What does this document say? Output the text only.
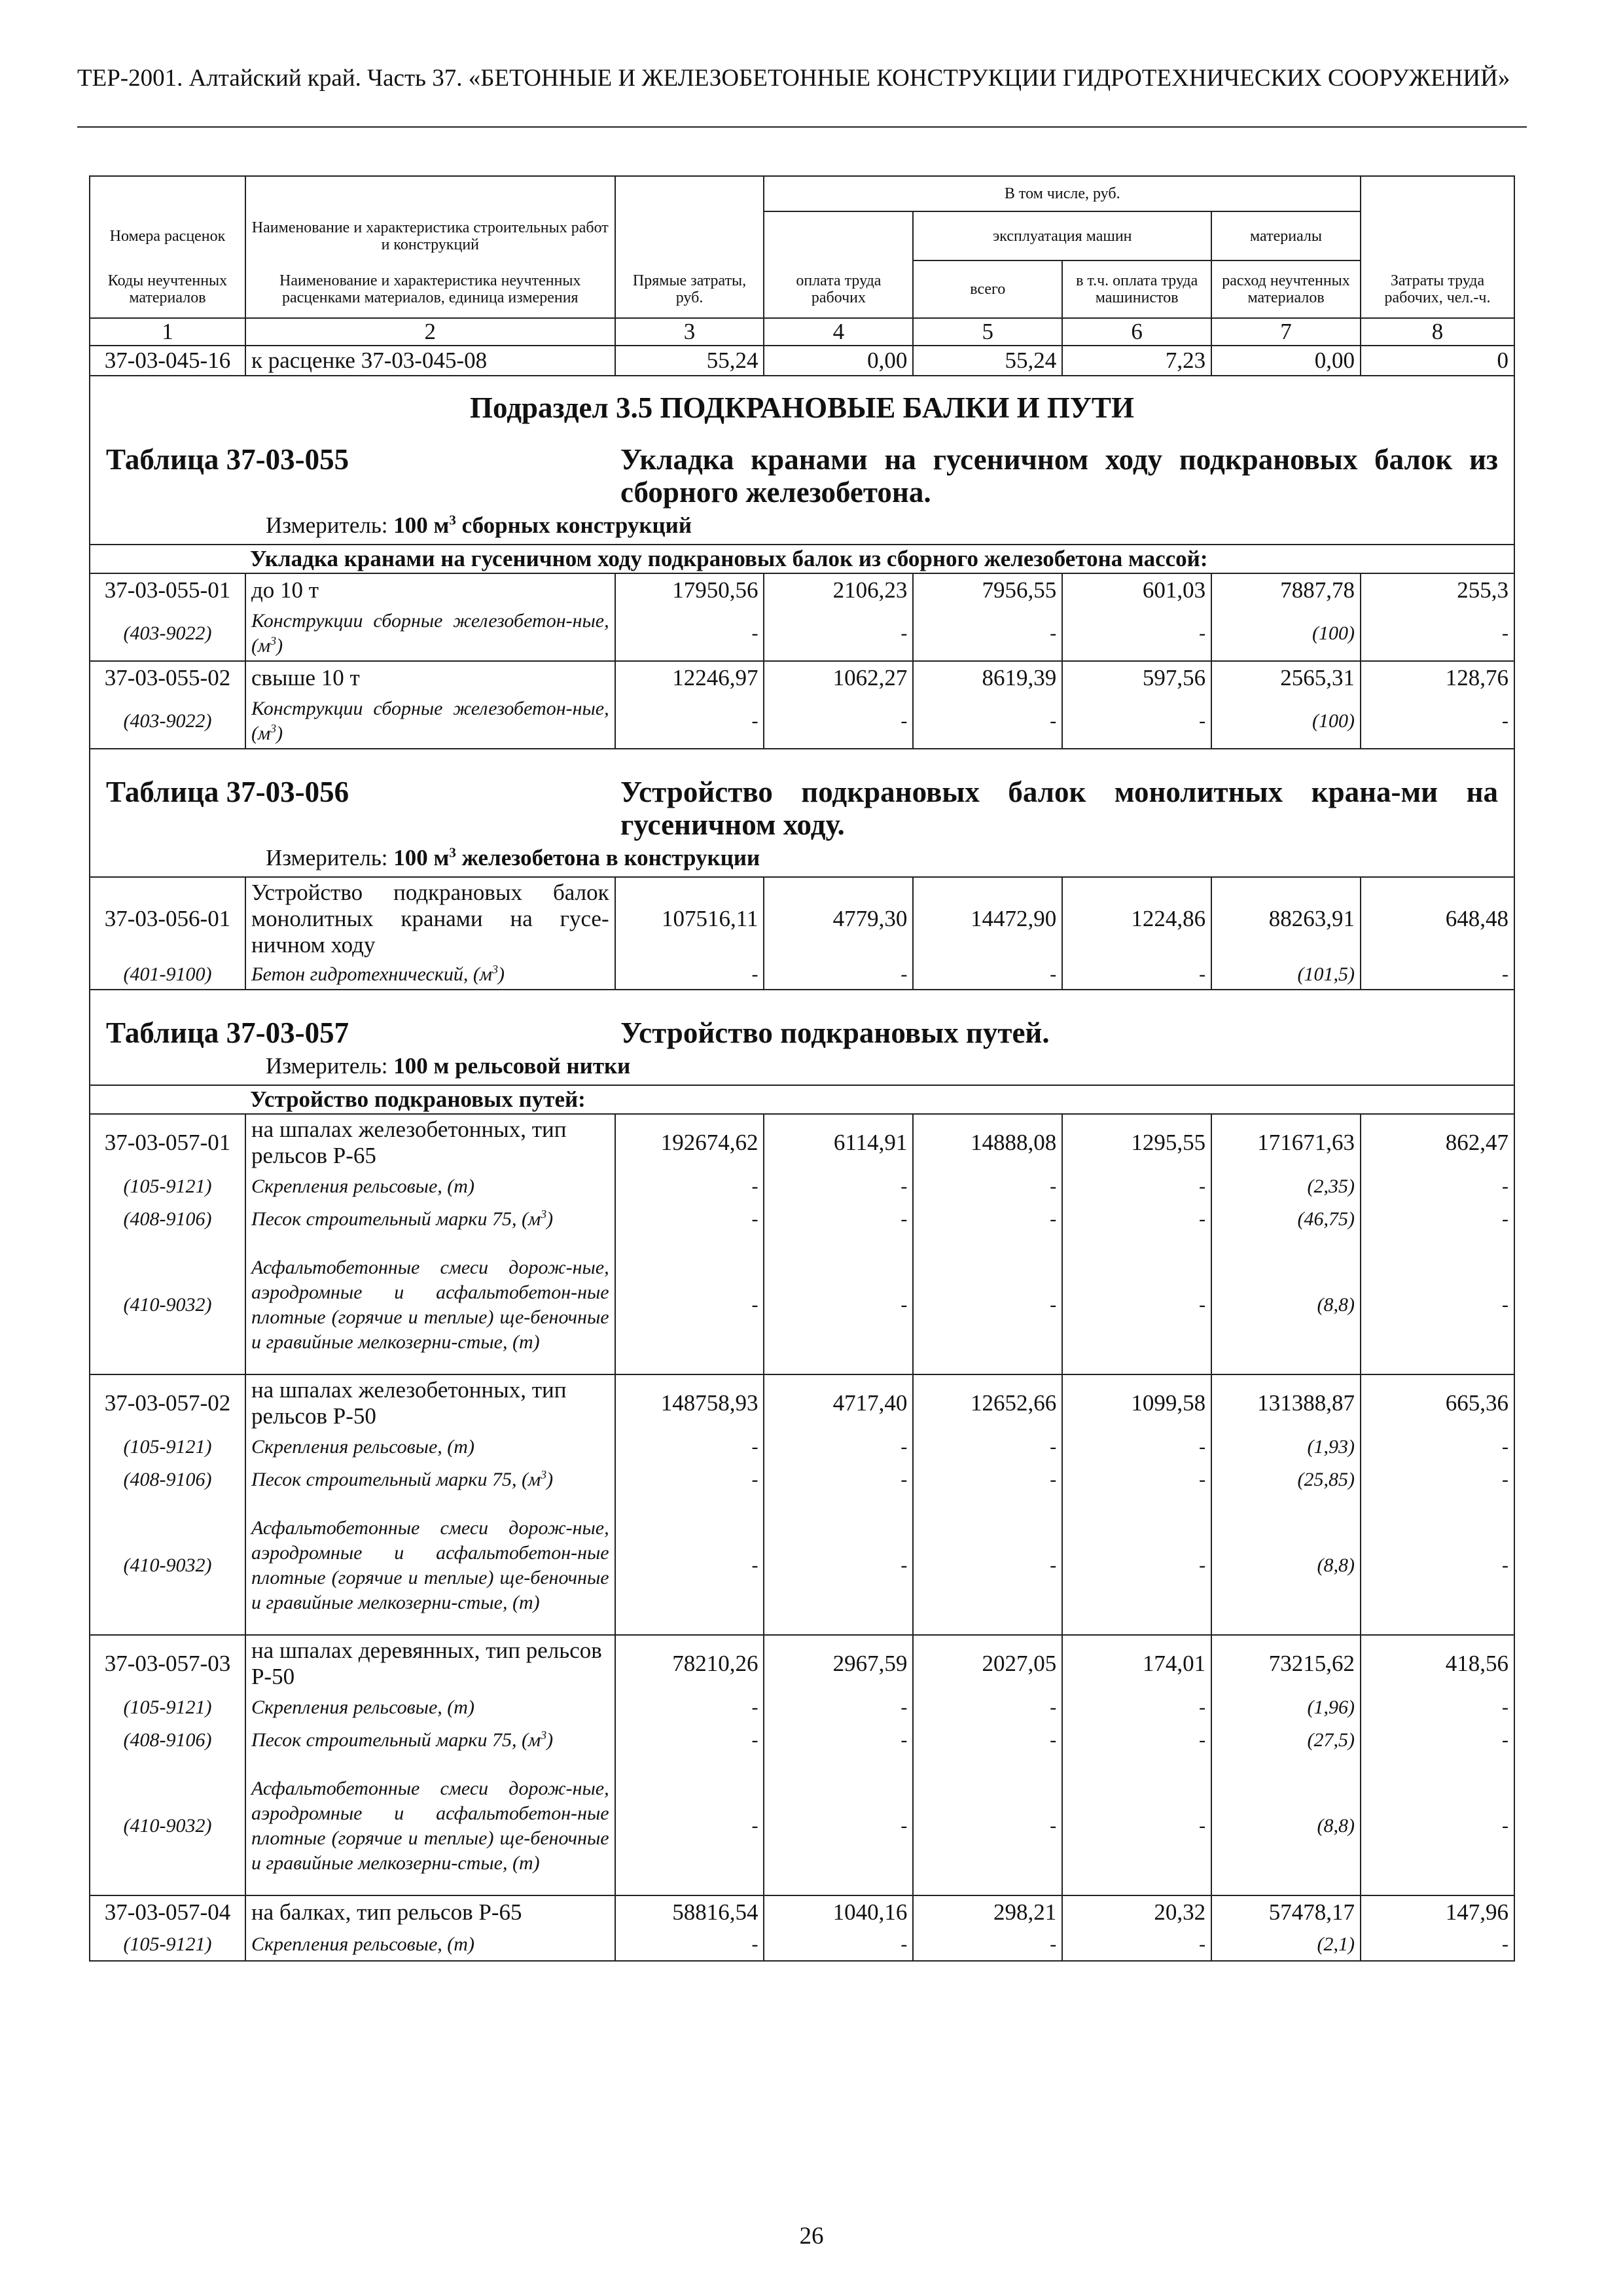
ТЕР-2001. Алтайский край. Часть 37. «БЕТОННЫЕ И ЖЕЛЕЗОБЕТОННЫЕ КОНСТРУКЦИИ ГИДРОТЕХНИЧЕСКИХ СООРУЖЕНИЙ»
			В том числе, руб.				
Номера расценок	Наименование и характеристика строительных работ и конструкций			эксплуатация машин		материалы	
Коды неучтенных материалов	Наименование и характеристика неучтенных расценками материалов, единица измерения	Прямые затраты, руб.	оплата труда рабочих	всего	в т.ч. оплата труда машинистов	расход неучтенных материалов	Затраты труда рабочих, чел.-ч.
1	2	3	4	5	6	7	8
37-03-045-16	к расценке 37-03-045-08	55,24	0,00	55,24	7,23	0,00	0

Подраздел 3.5 ПОДКРАНОВЫЕ БАЛКИ И ПУТИ
Таблица 37-03-055 Укладка кранами на гусеничном ходу подкрановых балок из сборного железобетона.
Измеритель: 100 $м^3$ сборных конструкций							

Укладка кранами на гусеничном ходу подкрановых балок из сборного железобетона массой:							
37-03-055-01	до 10 т	17950,56	2106,23	7956,55	601,03	7887,78	255,3
(403-9022)	Конструкции сборные железобетон-ные, $(м^3)$	-	-	-	-	(100)	-
37-03-055-02	свыше 10 т	12246,97	1062,27	8619,39	597,56	2565,31	128,76
(403-9022)	Конструкции сборные железобетон-ные, $(м^3)$	-	-	-	-	(100)	-

Таблица 37-03-056 Устройство подкрановых балок монолитных крана-ми на гусеничном ходу.
Измеритель: 100 $м^3$ железобетона в конструкции							

37-03-056-01	Устройство подкрановых балок монолитных кранами на гусе-ничном ходу	107516,11	4779,30	14472,90	1224,86	88263,91	648,48
(401-9100)	Бетон гидротехнический, $(м^3)$	-	-	-	-	(101,5)	-

Таблица 37-03-057 Устройство подкрановых путей.
Измеритель: 100 м рельсовой нитки							

Устройство подкрановых путей:							
37-03-057-01	на шпалах железобетонных, тип рельсов Р-65	192674,62	6114,91	14888,08	1295,55	171671,63	862,47
(105-9121)	Скрепления рельсовые, (т)	-	-	-	-	(2,35)	-
(408-9106)	Песок строительный марки 75, $(м^3)$	-	-	-	-	(46,75)	-
(410-9032)	Асфальтобетонные смеси дорож-ные, аэродромные и асфальтобетон-ные плотные (горячие и теплые) ще-беночные и гравийные мелкозерни-стые, (т)	-	-	-	-	(8,8)	-
37-03-057-02	на шпалах железобетонных, тип рельсов Р-50	148758,93	4717,40	12652,66	1099,58	131388,87	665,36
(105-9121)	Скрепления рельсовые, (т)	-	-	-	-	(1,93)	-
(408-9106)	Песок строительный марки 75, $(м^3)$	-	-	-	-	(25,85)	-
(410-9032)	Асфальтобетонные смеси дорож-ные, аэродромные и асфальтобетон-ные плотные (горячие и теплые) ще-беночные и гравийные мелкозерни-стые, (т)	-	-	-	-	(8,8)	-
37-03-057-03	на шпалах деревянных, тип рельсов Р-50	78210,26	2967,59	2027,05	174,01	73215,62	418,56
(105-9121)	Скрепления рельсовые, (т)	-	-	-	-	(1,96)	-
(408-9106)	Песок строительный марки 75, $(м^3)$	-	-	-	-	(27,5)	-
(410-9032)	Асфальтобетонные смеси дорож-ные, аэродромные и асфальтобетон-ные плотные (горячие и теплые) ще-беночные и гравийные мелкозерни-стые, (т)	-	-	-	-	(8,8)	-
37-03-057-04	на балках, тип рельсов Р-65	58816,54	1040,16	298,21	20,32	57478,17	147,96
(105-9121)	Скрепления рельсовые, (т)	-	-	-	-	(2,1)	-
26
